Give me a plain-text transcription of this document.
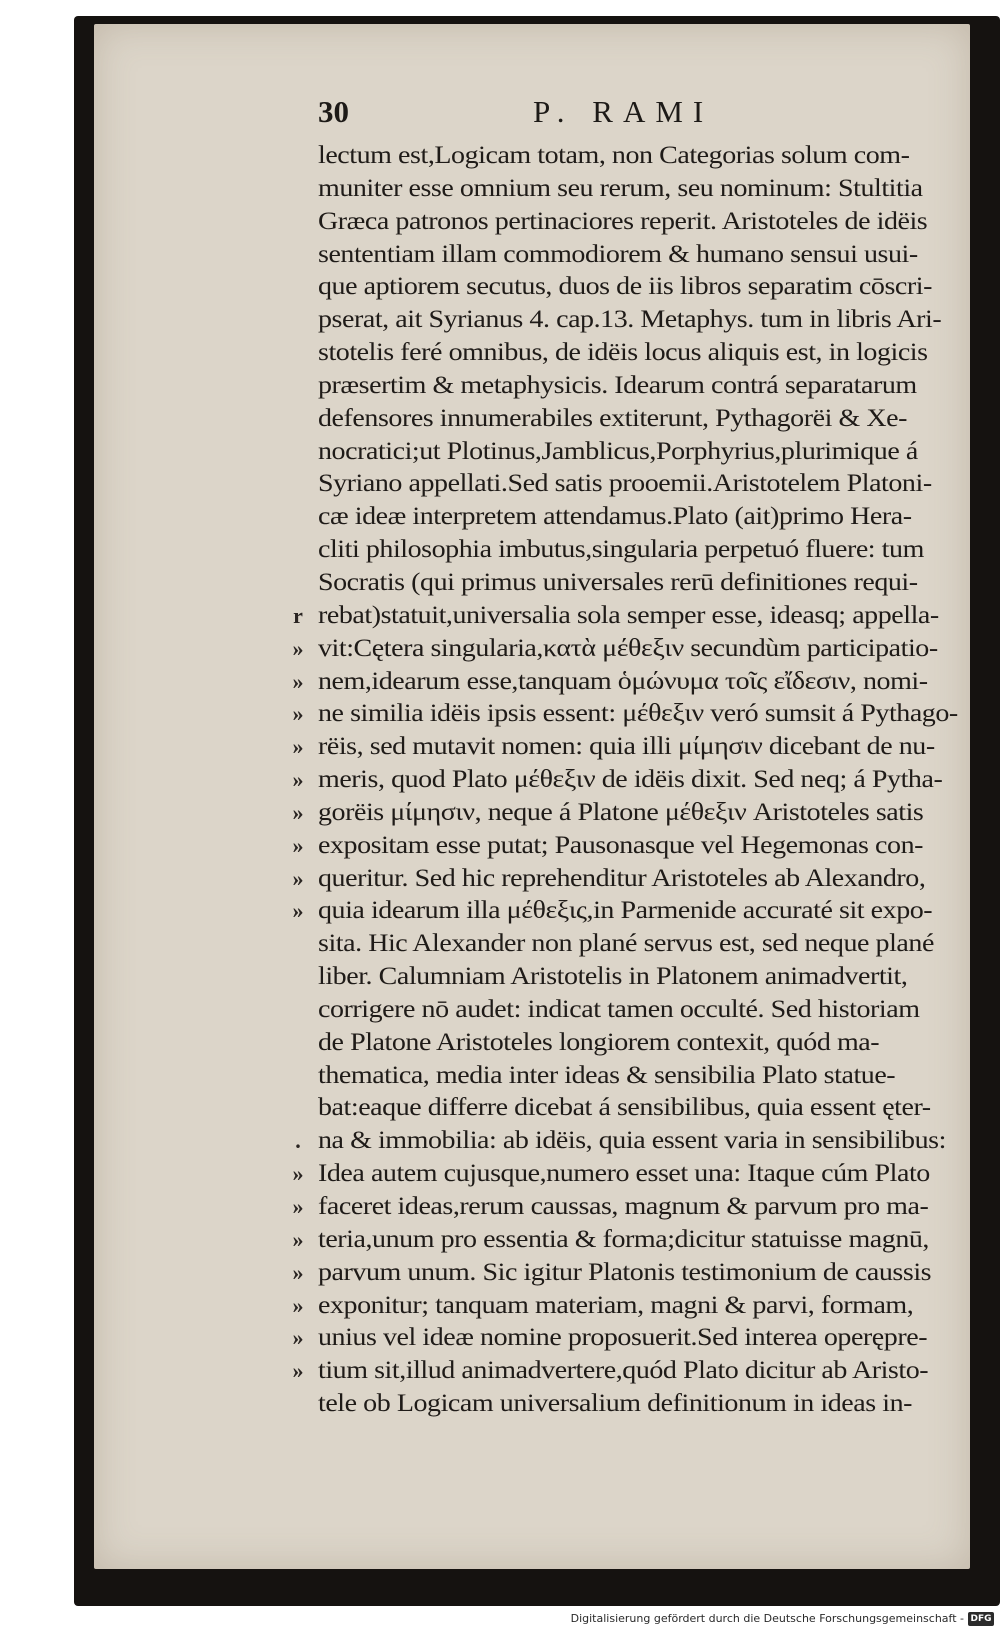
30	P. RAMI
r
»
»
»
»
»
»
»
»
»
.
»
»
»
»
»
»
»
lectum est,Logicam totam, non Categorias solum com-
muniter esse omnium seu rerum, seu nominum: Stultitia
Græca patronos pertinaciores reperit. Aristoteles de idëis
sententiam illam commodiorem & humano sensui usui-
que aptiorem secutus, duos de iis libros separatim cōscri-
pserat, ait Syrianus 4. cap.13. Metaphys. tum in libris Ari-
stotelis feré omnibus, de idëis locus aliquis est, in logicis
præsertim & metaphysicis. Idearum contrá separatarum
defensores innumerabiles extiterunt, Pythagorëi & Xe-
nocratici;ut Plotinus,Jamblicus,Porphyrius,plurimique á
Syriano appellati.Sed satis prooemii.Aristotelem Platoni-
cæ ideæ interpretem attendamus.Plato (ait)primo Hera-
cliti philosophia imbutus,singularia perpetuó fluere: tum
Socratis (qui primus universales rerū definitiones requi-
rebat)statuit,universalia sola semper esse, ideasq; appella-
vit:Cętera singularia,κατὰ μέθεξιν secundùm participatio-
nem,idearum esse,tanquam ὁμώνυμα τοῖς εἴδεσιν, nomi-
ne similia idëis ipsis essent: μέθεξιν veró sumsit á Pythago-
rëis, sed mutavit nomen: quia illi μίμησιν dicebant de nu-
meris, quod Plato μέθεξιν de idëis dixit. Sed neq; á Pytha-
gorëis μίμησιν, neque á Platone μέθεξιν Aristoteles satis
expositam esse putat; Pausonasque vel Hegemonas con-
queritur. Sed hic reprehenditur Aristoteles ab Alexandro,
quia idearum illa μέθεξις,in Parmenide accuraté sit expo-
sita. Hic Alexander non plané servus est, sed neque plané
liber. Calumniam Aristotelis in Platonem animadvertit,
corrigere nō audet: indicat tamen occulté. Sed historiam
de Platone Aristoteles longiorem contexit, quód ma-
thematica, media inter ideas & sensibilia Plato statue-
bat:eaque differre dicebat á sensibilibus, quia essent ęter-
na & immobilia: ab idëis, quia essent varia in sensibilibus:
Idea autem cujusque,numero esset una: Itaque cúm Plato
faceret ideas,rerum caussas, magnum & parvum pro ma-
teria,unum pro essentia & forma;dicitur statuisse magnū,
parvum unum. Sic igitur Platonis testimonium de caussis
exponitur; tanquam materiam, magni & parvi, formam,
unius vel ideæ nomine proposuerit.Sed interea operępre-
tium sit,illud animadvertere,quód Plato dicitur ab Aristo-
tele ob Logicam universalium definitionum in ideas in-
Digitalisierung gefördert durch die Deutsche Forschungsgemeinschaft - DFG
